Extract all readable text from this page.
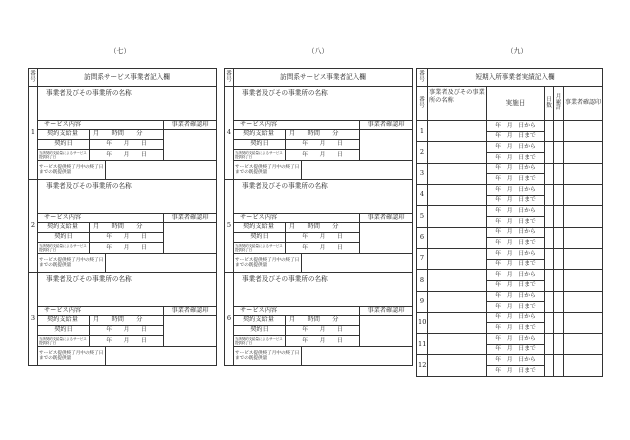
（七）	（八）	（九）
番号	訪問系サービス事業者記入欄			
1	事業者及びその事業所の名称			
	サービス内容			事業者確認印
	契約支給量	月　　時間　　分		
	契約日	年　　月　　日		
	当該契約支給量によるサービス提供終了日	年　　月　　日		
	サービス提供終了月中の終了日までの既提供量			
2	事業者及びその事業所の名称			
	サービス内容			事業者確認印
	契約支給量	月　　時間　　分		
	契約日	年　　月　　日		
	当該契約支給量によるサービス提供終了日	年　　月　　日		
	サービス提供終了月中の終了日までの既提供量			
3	事業者及びその事業所の名称			
	サービス内容			事業者確認印
	契約支給量	月　　時間　　分		
	契約日	年　　月　　日		
	当該契約支給量によるサービス提供終了日	年　　月　　日		
	サービス提供終了月中の終了日までの既提供量			
番号	訪問系サービス事業者記入欄			
4	事業者及びその事業所の名称			
	サービス内容			事業者確認印
	契約支給量	月　　時間　　分		
	契約日	年　　月　　日		
	当該契約支給量によるサービス提供終了日	年　　月　　日		
	サービス提供終了月中の終了日までの既提供量			
5	事業者及びその事業所の名称			
	サービス内容			事業者確認印
	契約支給量	月　　時間　　分		
	契約日	年　　月　　日		
	当該契約支給量によるサービス提供終了日	年　　月　　日		
	サービス提供終了月中の終了日までの既提供量			
6	事業者及びその事業所の名称			
	サービス内容			事業者確認印
	契約支給量	月　　時間　　分		
	契約日	年　　月　　日		
	当該契約支給量によるサービス提供終了日	年　　月　　日		
	サービス提供終了月中の終了日までの既提供量			
番号	短期入所事業者実績記入欄				
番号	事業者及びその事業所の名称	実施日	日数	月累計	事業者確認印
1		年　月　日から			
		年　月　日まで			
2		年　月　日から			
		年　月　日まで			
3		年　月　日から			
		年　月　日まで			
4		年　月　日から			
		年　月　日まで			
5		年　月　日から			
		年　月　日まで			
6		年　月　日から			
		年　月　日まで			
7		年　月　日から			
		年　月　日まで			
8		年　月　日から			
		年　月　日まで			
9		年　月　日から			
		年　月　日まで			
10		年　月　日から			
		年　月　日まで			
11		年　月　日から			
		年　月　日まで			
12		年　月　日から			
		年　月　日まで			
